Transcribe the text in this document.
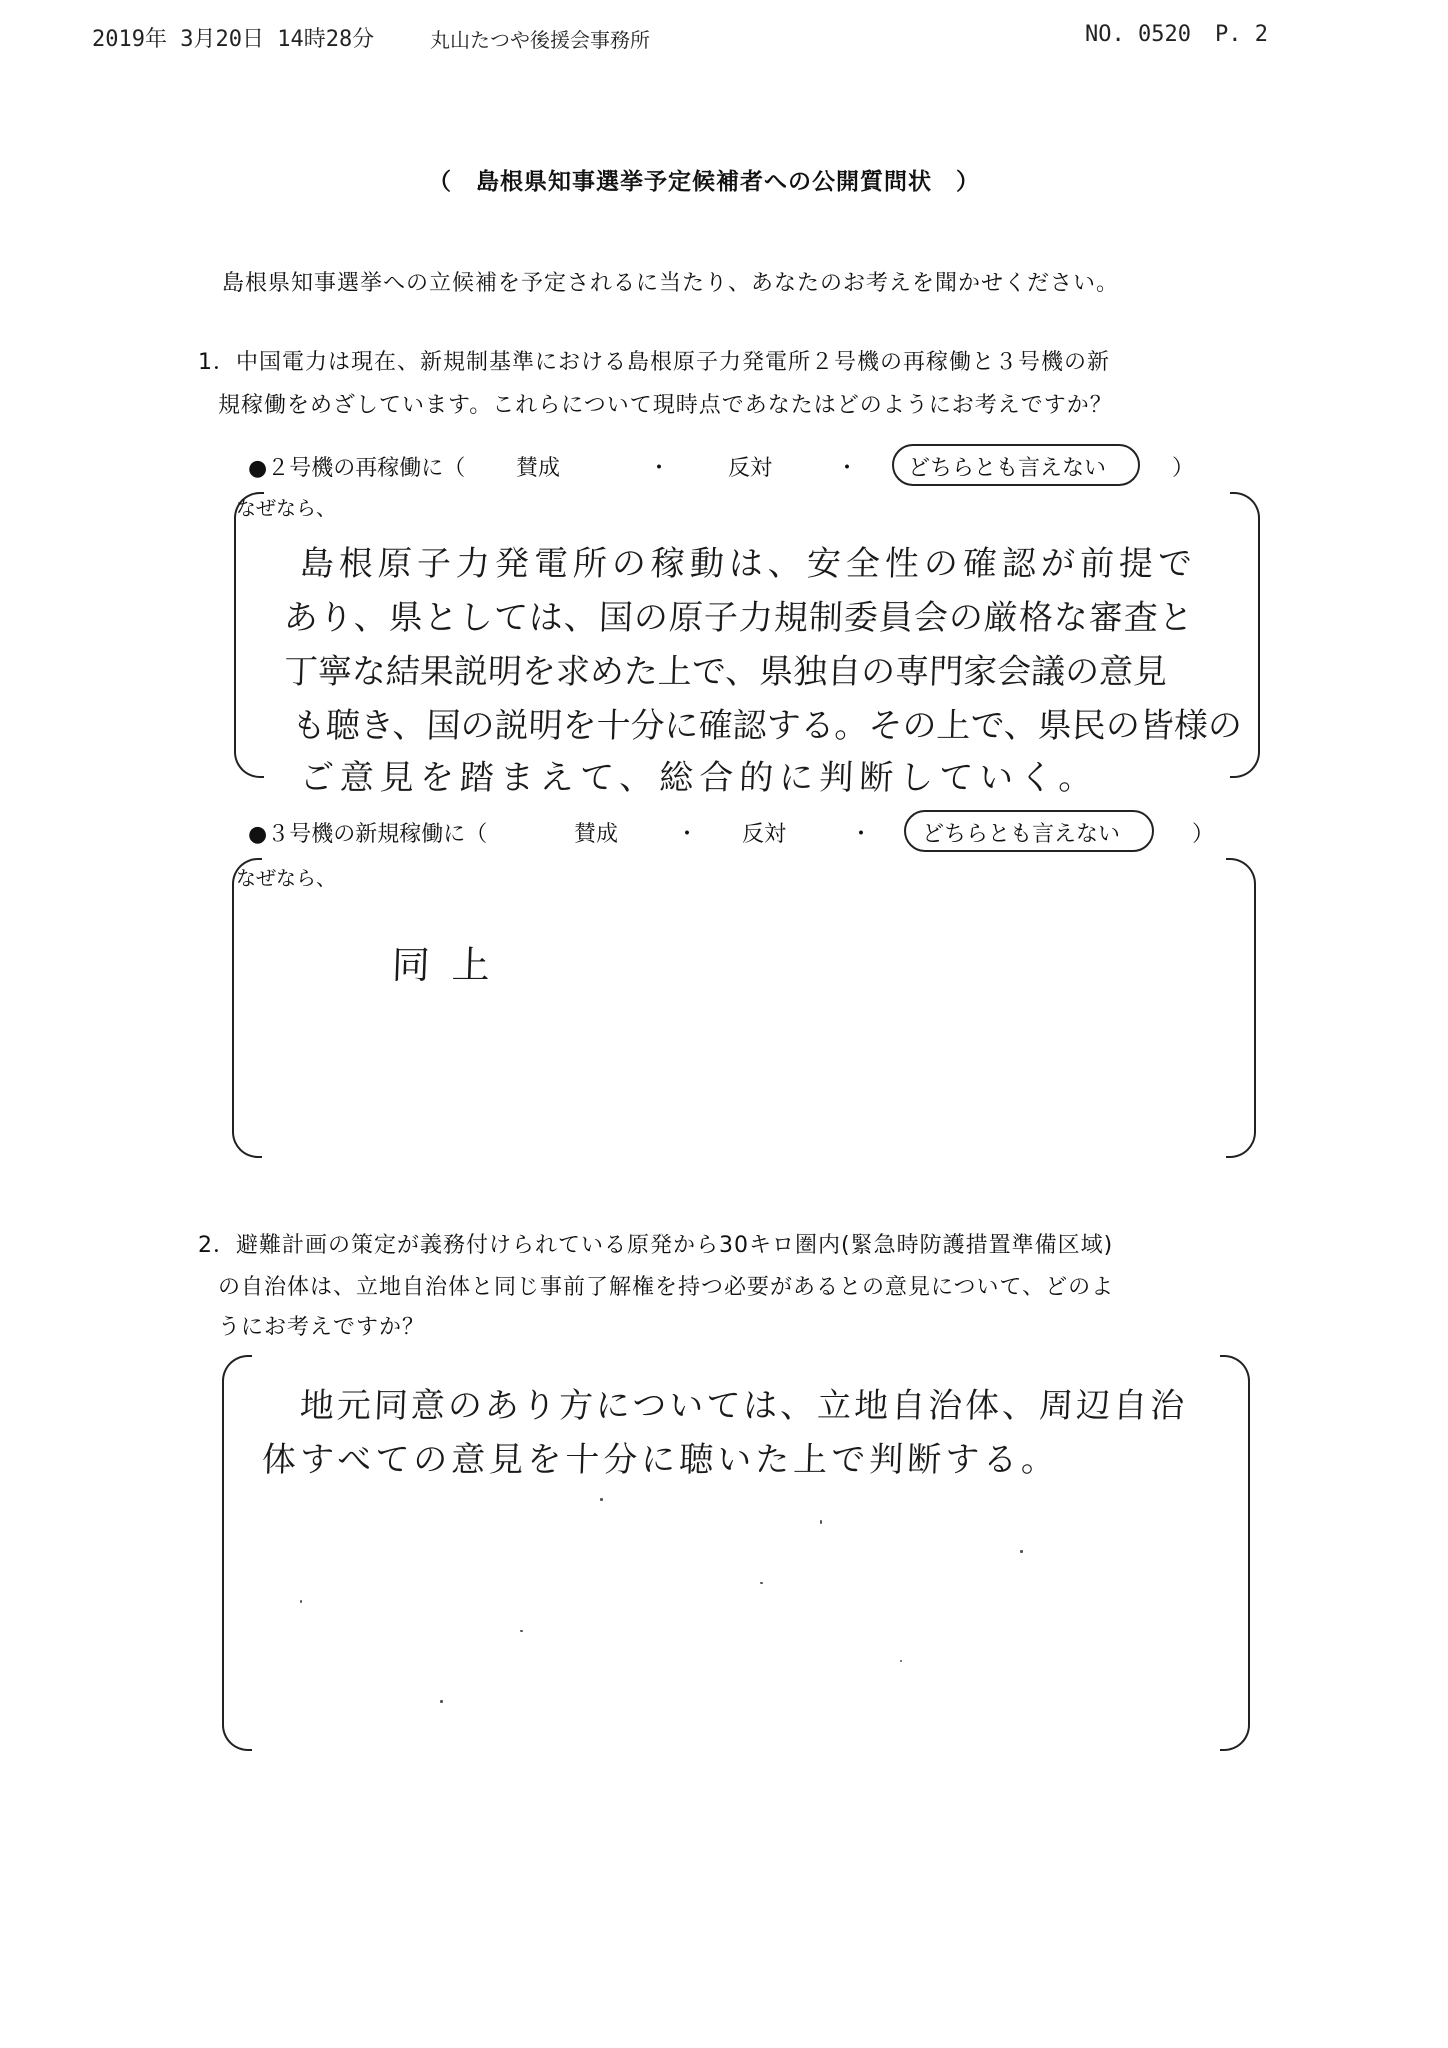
2019年 3月20日 14時28分	丸山たつや後援会事務所	NO. 0520 P. 2
（　島根県知事選挙予定候補者への公開質問状　）
島根県知事選挙への立候補を予定されるに当たり、あなたのお考えを聞かせください。
1．中国電力は現在、新規制基準における島根原子力発電所２号機の再稼働と３号機の新
規稼働をめざしています。これらについて現時点であなたはどのようにお考えですか？
●２号機の再稼働に（ 賛成	・	反対	・ どちらとも言えない	）
なぜなら、
島根原子力発電所の稼動は、安全性の確認が前提で
あり、県としては、国の原子力規制委員会の厳格な審査と
丁寧な結果説明を求めた上で、県独自の専門家会議の意見
も聴き、国の説明を十分に確認する。その上で、県民の皆様の
ご意見を踏まえて、総合的に判断していく。
●３号機の新規稼働に（	賛成	・ 反対	・ どちらとも言えない	）
なぜなら、
同上
2．避難計画の策定が義務付けられている原発から30キロ圏内(緊急時防護措置準備区域)
の自治体は、立地自治体と同じ事前了解権を持つ必要があるとの意見について、どのよ
うにお考えですか？
地元同意のあり方については、立地自治体、周辺自治
体すべての意見を十分に聴いた上で判断する。
